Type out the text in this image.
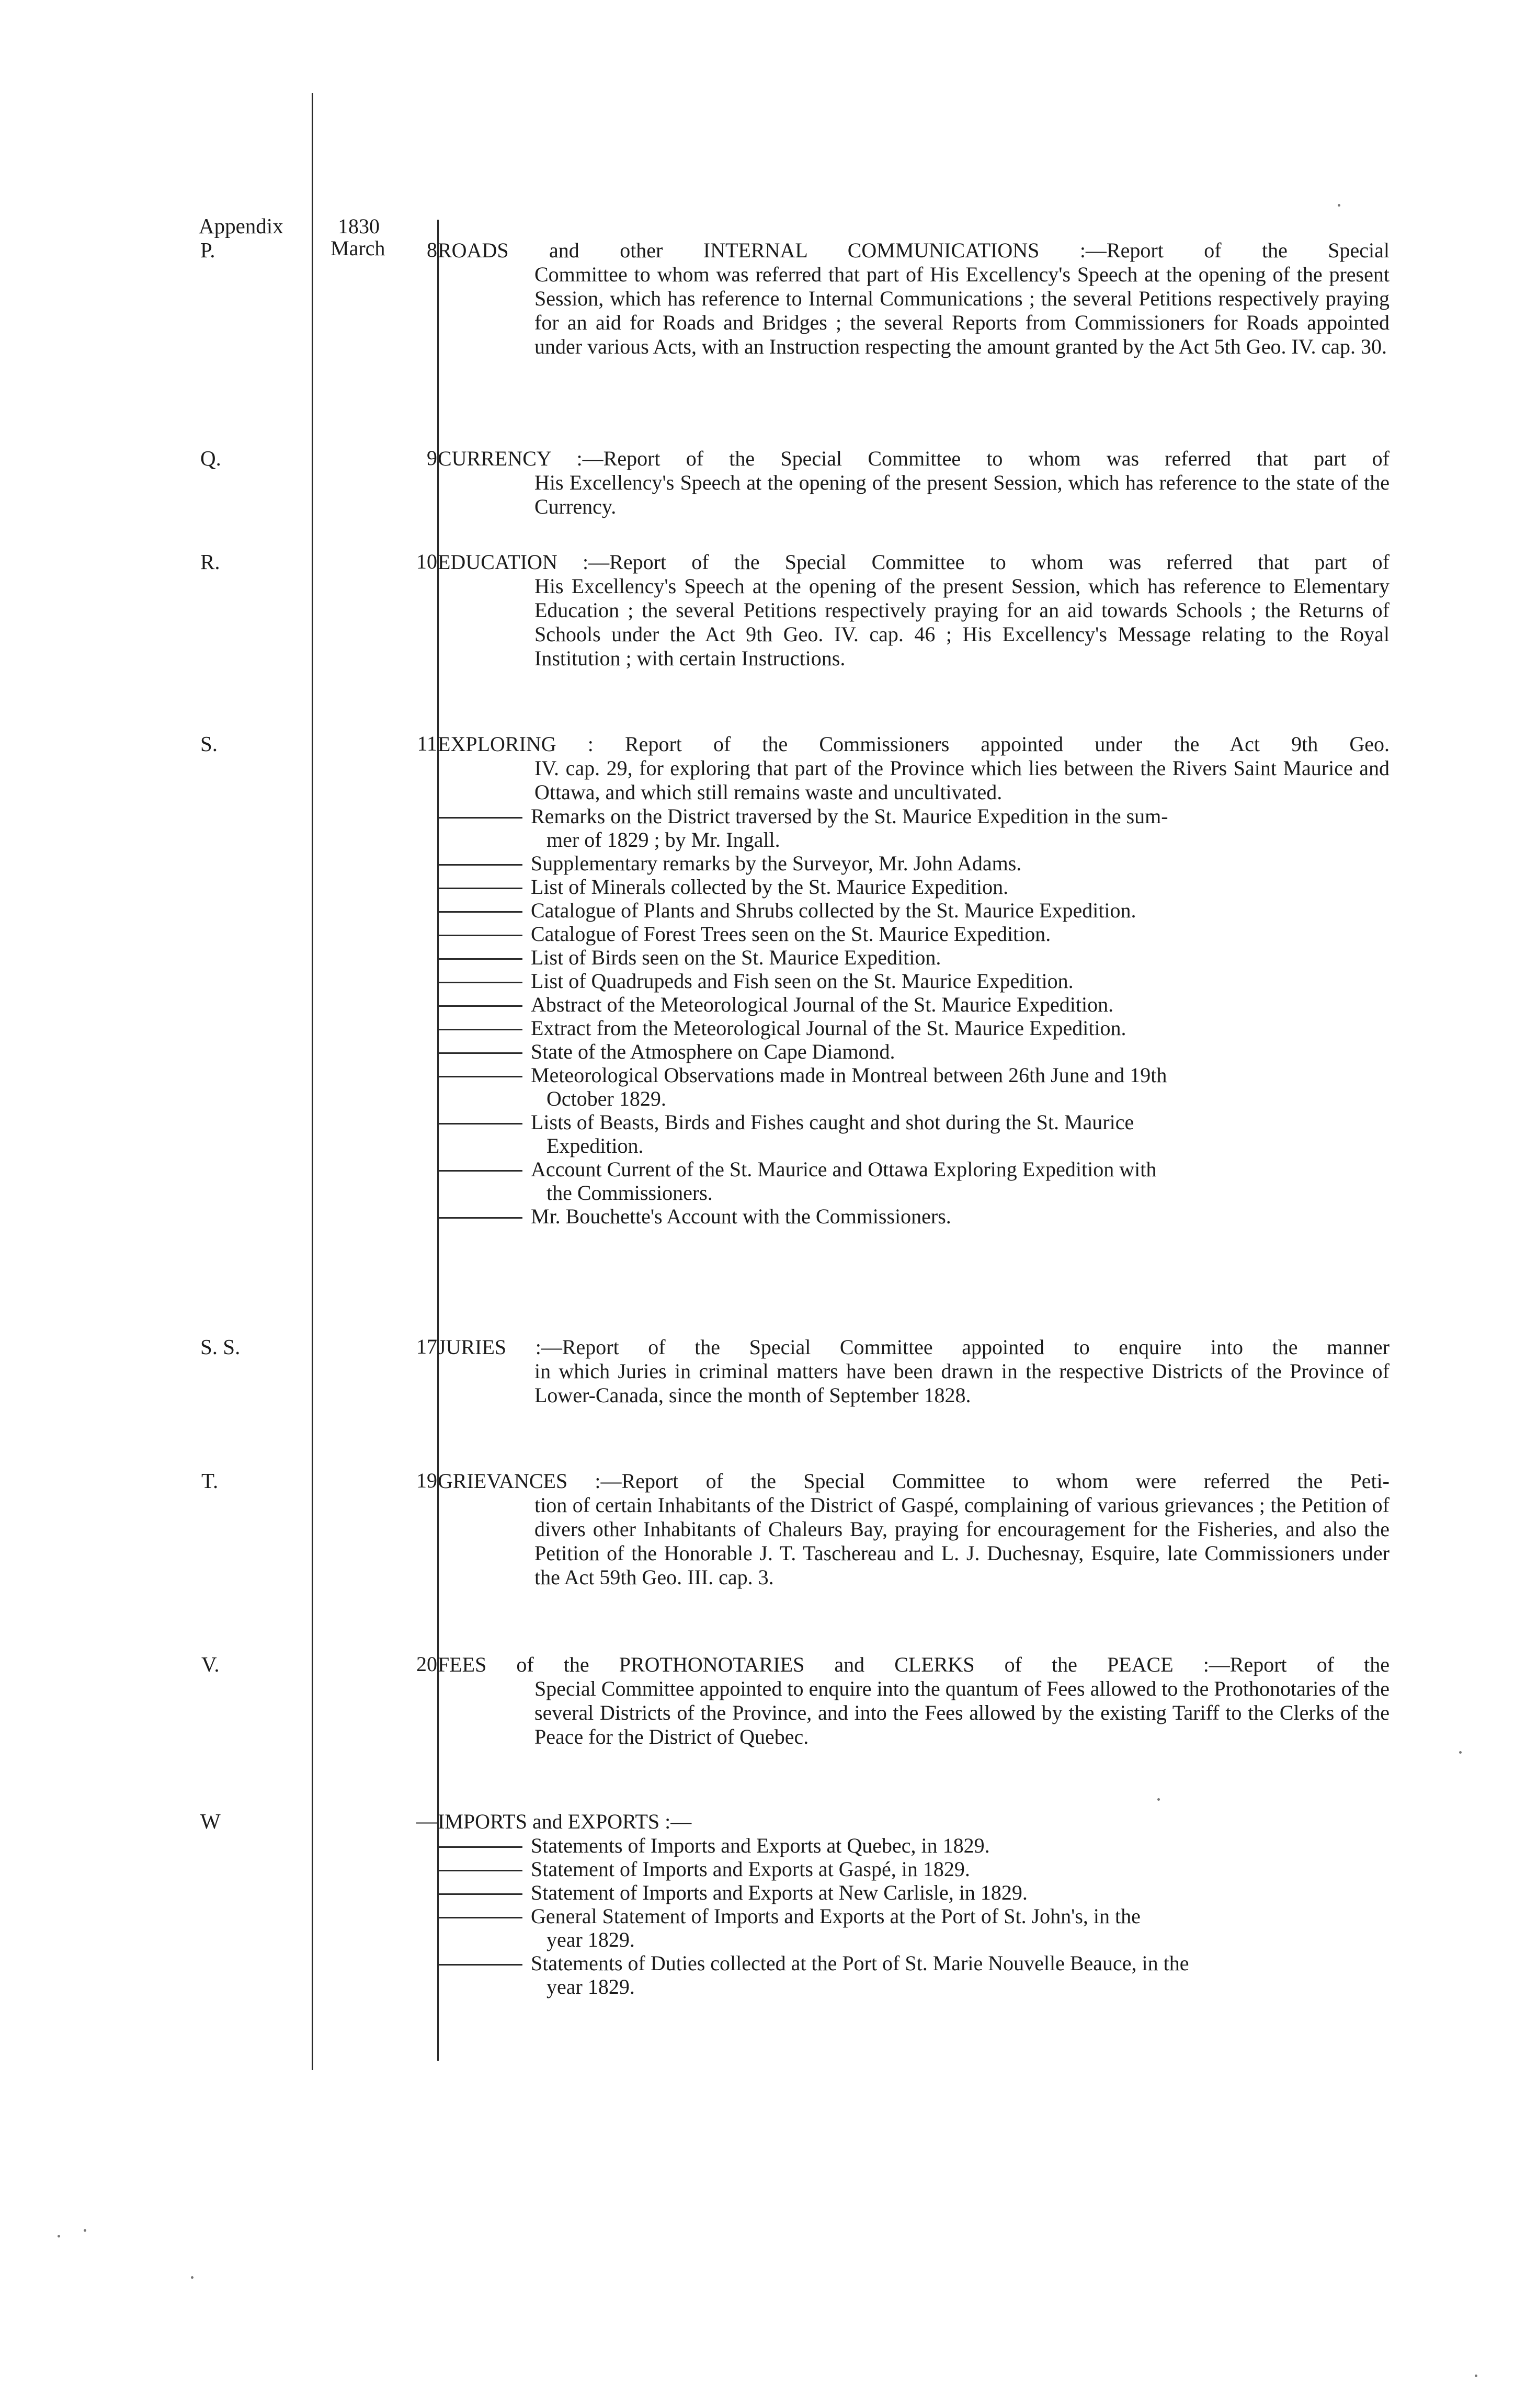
Appendix	1830
March
P.	8 ROADS and other INTERNAL COMMUNICATIONS :—Report of the Special
Committee to whom was referred that part of His Excellency's Speech at the opening of the present Session, which has reference to Internal Communications ; the several Petitions respectively praying for an aid for Roads and Bridges ; the several Reports from Commissioners for Roads appointed under various Acts, with an Instruction respecting the amount granted by the Act 5th Geo. IV. cap. 30.
Q.	9 CURRENCY :—Report of the Special Committee to whom was referred that part of
His Excellency's Speech at the opening of the present Session, which has reference to the state of the Currency.
R.	10 EDUCATION :—Report of the Special Committee to whom was referred that part of
His Excellency's Speech at the opening of the present Session, which has reference to Elementary Education ; the several Petitions respectively praying for an aid towards Schools ; the Returns of Schools under the Act 9th Geo. IV. cap. 46 ; His Excellency's Message relating to the Royal Institution ; with certain Instructions.
S.	11 EXPLORING : Report of the Commissioners appointed under the Act 9th Geo.
IV. cap. 29, for exploring that part of the Province which lies between the Rivers Saint Maurice and Ottawa, and which still remains waste and uncultivated.
Remarks on the District traversed by the St. Maurice Expedition in the sum-
mer of 1829 ; by Mr. Ingall.
Supplementary remarks by the Surveyor, Mr. John Adams.
List of Minerals collected by the St. Maurice Expedition.
Catalogue of Plants and Shrubs collected by the St. Maurice Expedition.
Catalogue of Forest Trees seen on the St. Maurice Expedition.
List of Birds seen on the St. Maurice Expedition.
List of Quadrupeds and Fish seen on the St. Maurice Expedition.
Abstract of the Meteorological Journal of the St. Maurice Expedition.
Extract from the Meteorological Journal of the St. Maurice Expedition.
State of the Atmosphere on Cape Diamond.
Meteorological Observations made in Montreal between 26th June and 19th
October 1829.
Lists of Beasts, Birds and Fishes caught and shot during the St. Maurice
Expedition.
Account Current of the St. Maurice and Ottawa Exploring Expedition with
the Commissioners.
Mr. Bouchette's Account with the Commissioners.
S. S.	17 JURIES :—Report of the Special Committee appointed to enquire into the manner
in which Juries in criminal matters have been drawn in the respective Districts of the Province of Lower-Canada, since the month of September 1828.
T.	19 GRIEVANCES :—Report of the Special Committee to whom were referred the Peti-
tion of certain Inhabitants of the District of Gaspé, complaining of various grievances ; the Petition of divers other Inhabitants of Chaleurs Bay, praying for encouragement for the Fisheries, and also the Petition of the Honorable J. T. Taschereau and L. J. Duchesnay, Esquire, late Commissioners under the Act 59th Geo. III. cap. 3.
V.	20 FEES of the PROTHONOTARIES and CLERKS of the PEACE :—Report of the
Special Committee appointed to enquire into the quantum of Fees allowed to the Prothonotaries of the several Districts of the Province, and into the Fees allowed by the existing Tariff to the Clerks of the Peace for the District of Quebec.
W	— IMPORTS and EXPORTS :—
Statements of Imports and Exports at Quebec, in 1829.
Statement of Imports and Exports at Gaspé, in 1829.
Statement of Imports and Exports at New Carlisle, in 1829.
General Statement of Imports and Exports at the Port of St. John's, in the
year 1829.
Statements of Duties collected at the Port of St. Marie Nouvelle Beauce, in the
year 1829.
